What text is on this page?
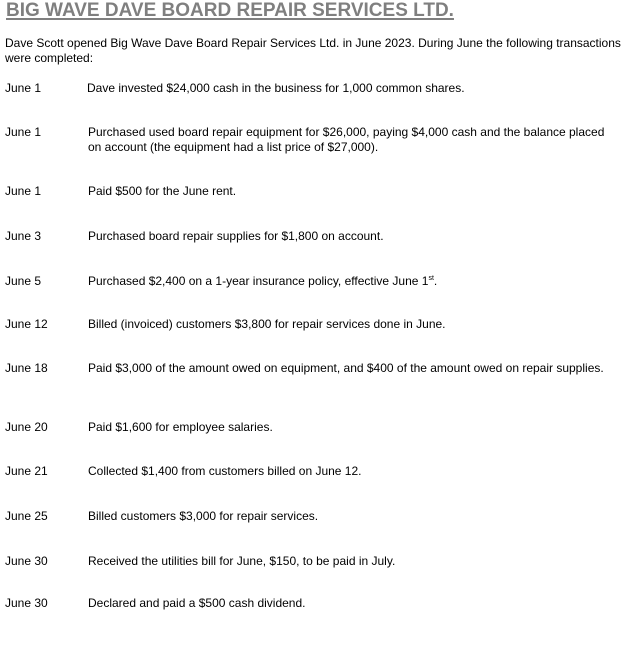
BIG WAVE DAVE BOARD REPAIR SERVICES LTD.
Dave Scott opened Big Wave Dave Board Repair Services Ltd. in June 2023. During June the following transactions were completed:
June 1	Dave invested $24,000 cash in the business for 1,000 common shares.
June 1	Purchased used board repair equipment for $26,000, paying $4,000 cash and the balance placed on account (the equipment had a list price of $27,000).
June 1	Paid $500 for the June rent.
June 3	Purchased board repair supplies for $1,800 on account.
June 5	Purchased $2,400 on a 1-year insurance policy, effective June 1st.
June 12	Billed (invoiced) customers $3,800 for repair services done in June.
June 18	Paid $3,000 of the amount owed on equipment, and $400 of the amount owed on repair supplies.
June 20	Paid $1,600 for employee salaries.
June 21	Collected $1,400 from customers billed on June 12.
June 25	Billed customers $3,000 for repair services.
June 30	Received the utilities bill for June, $150, to be paid in July.
June 30	Declared and paid a $500 cash dividend.
